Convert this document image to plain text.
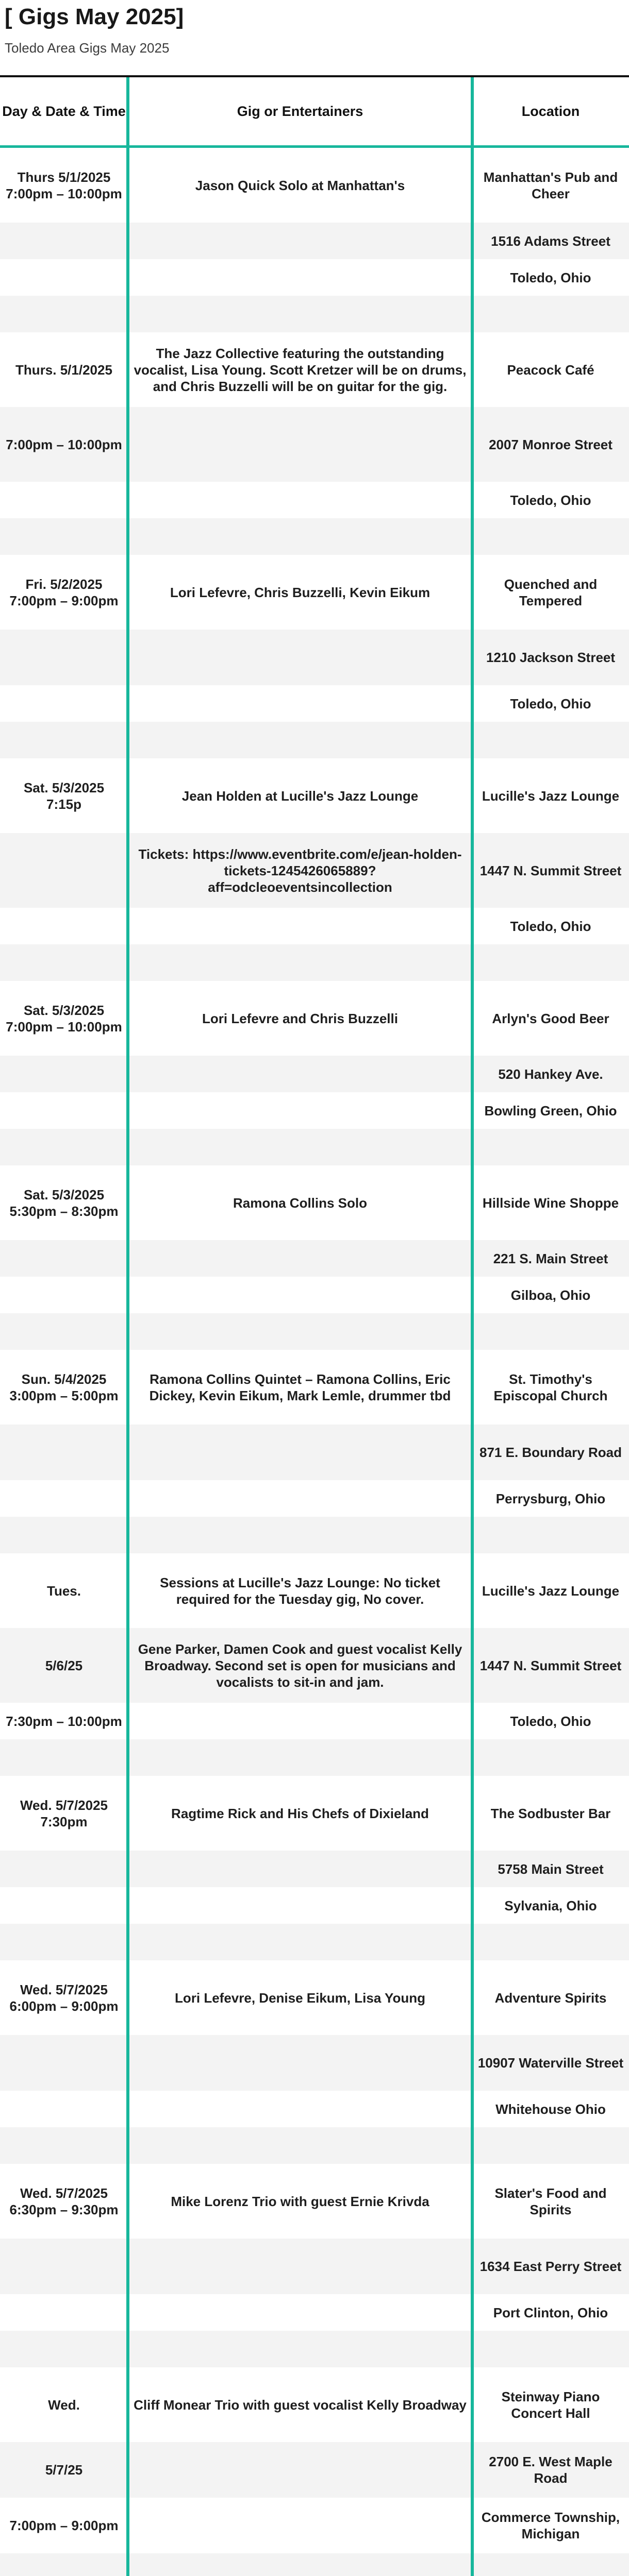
[ Gigs May 2025]
Toledo Area Gigs May 2025
Day & Date & Time	Gig or Entertainers	Location
Thurs 5/1/2025 7:00pm – 10:00pm	Jason Quick Solo at Manhattan's	Manhattan's Pub and Cheer
		1516 Adams Street
		Toledo, Ohio

Thurs. 5/1/2025	The Jazz Collective featuring the outstanding vocalist, Lisa Young. Scott Kretzer will be on drums, and Chris Buzzelli will be on guitar for the gig.	Peacock Café
7:00pm – 10:00pm		2007 Monroe Street
		Toledo, Ohio

Fri. 5/2/2025 7:00pm – 9:00pm	Lori Lefevre, Chris Buzzelli, Kevin Eikum	Quenched and Tempered
		1210 Jackson Street
		Toledo, Ohio

Sat. 5/3/2025 7:15p	Jean Holden at Lucille's Jazz Lounge	Lucille's Jazz Lounge
	Tickets: https://www.eventbrite.com/e/jean-holden-tickets-1245426065889?aff=odcleoeventsincollection	1447 N. Summit Street
		Toledo, Ohio

Sat. 5/3/2025 7:00pm – 10:00pm	Lori Lefevre and Chris Buzzelli	Arlyn's Good Beer
		520 Hankey Ave.
		Bowling Green, Ohio

Sat. 5/3/2025 5:30pm – 8:30pm	Ramona Collins Solo	Hillside Wine Shoppe
		221 S. Main Street
		Gilboa, Ohio

Sun. 5/4/2025 3:00pm – 5:00pm	Ramona Collins Quintet – Ramona Collins, Eric Dickey, Kevin Eikum, Mark Lemle, drummer tbd	St. Timothy's Episcopal Church
		871 E. Boundary Road
		Perrysburg, Ohio

Tues.	Sessions at Lucille's Jazz Lounge: No ticket required for the Tuesday gig, No cover.	Lucille's Jazz Lounge
5/6/25	Gene Parker, Damen Cook and guest vocalist Kelly Broadway. Second set is open for musicians and vocalists to sit-in and jam.	1447 N. Summit Street
7:30pm – 10:00pm		Toledo, Ohio

Wed. 5/7/2025 7:30pm	Ragtime Rick and His Chefs of Dixieland	The Sodbuster Bar
		5758 Main Street
		Sylvania, Ohio

Wed. 5/7/2025 6:00pm – 9:00pm	Lori Lefevre, Denise Eikum, Lisa Young	Adventure Spirits
		10907 Waterville Street
		Whitehouse Ohio

Wed. 5/7/2025 6:30pm – 9:30pm	Mike Lorenz Trio with guest Ernie Krivda	Slater's Food and Spirits
		1634 East Perry Street
		Port Clinton, Ohio

Wed.	Cliff Monear Trio with guest vocalist Kelly Broadway	Steinway Piano Concert Hall
5/7/25		2700 E. West Maple Road
7:00pm – 9:00pm		Commerce Township, Michigan
